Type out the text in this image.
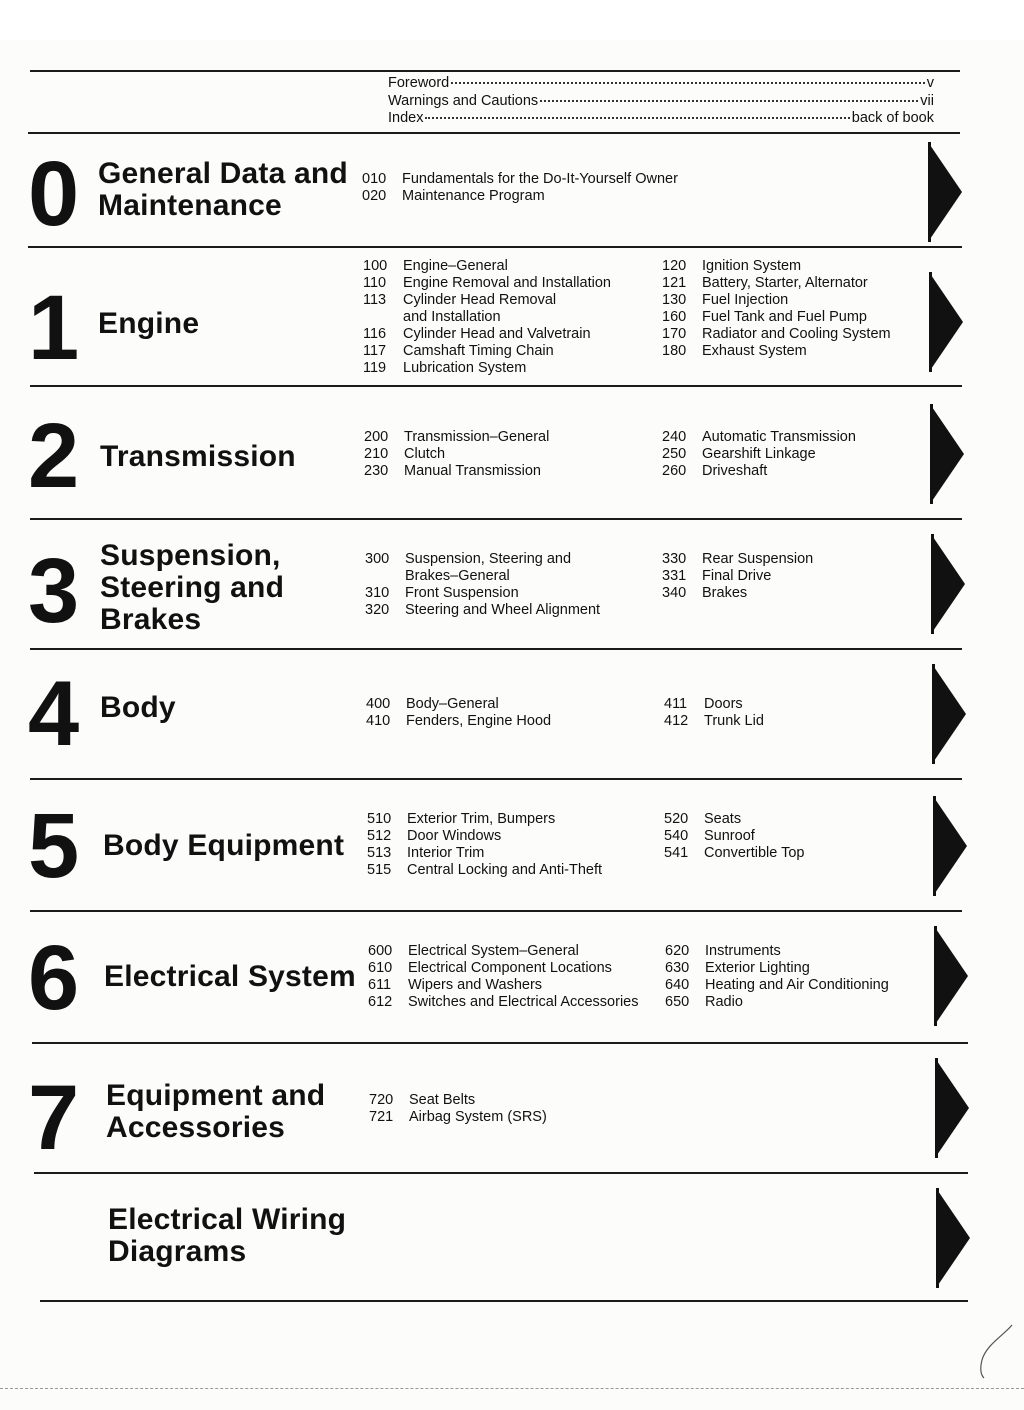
Foreword	v
Warnings and Cautions	vii
Index	back of book
0 General Data and
Maintenance
010	Fundamentals for the Do-It-Yourself Owner
020	Maintenance Program
1 Engine
100	Engine–General
110	Engine Removal and Installation
113	Cylinder Head Removal
and Installation
116	Cylinder Head and Valvetrain
117	Camshaft Timing Chain
119	Lubrication System
120	Ignition System
121	Battery, Starter, Alternator
130	Fuel Injection
160	Fuel Tank and Fuel Pump
170	Radiator and Cooling System
180	Exhaust System
2 Transmission
200	Transmission–General
210	Clutch
230	Manual Transmission
240	Automatic Transmission
250	Gearshift Linkage
260	Driveshaft
3 Suspension,
Steering and
Brakes
300	Suspension, Steering and
Brakes–General
310	Front Suspension
320	Steering and Wheel Alignment
330	Rear Suspension
331	Final Drive
340	Brakes
4 Body	400	Body–General
410	Fenders, Engine Hood
411	Doors
412	Trunk Lid
5 Body Equipment
510	Exterior Trim, Bumpers
512	Door Windows
513	Interior Trim
515	Central Locking and Anti-Theft
520	Seats
540	Sunroof
541	Convertible Top
6 Electrical System
600	Electrical System–General
610	Electrical Component Locations
611	Wipers and Washers
612	Switches and Electrical Accessories
620	Instruments
630	Exterior Lighting
640	Heating and Air Conditioning
650	Radio
7 Equipment and
Accessories
720	Seat Belts
721	Airbag System (SRS)
Electrical Wiring
Diagrams
